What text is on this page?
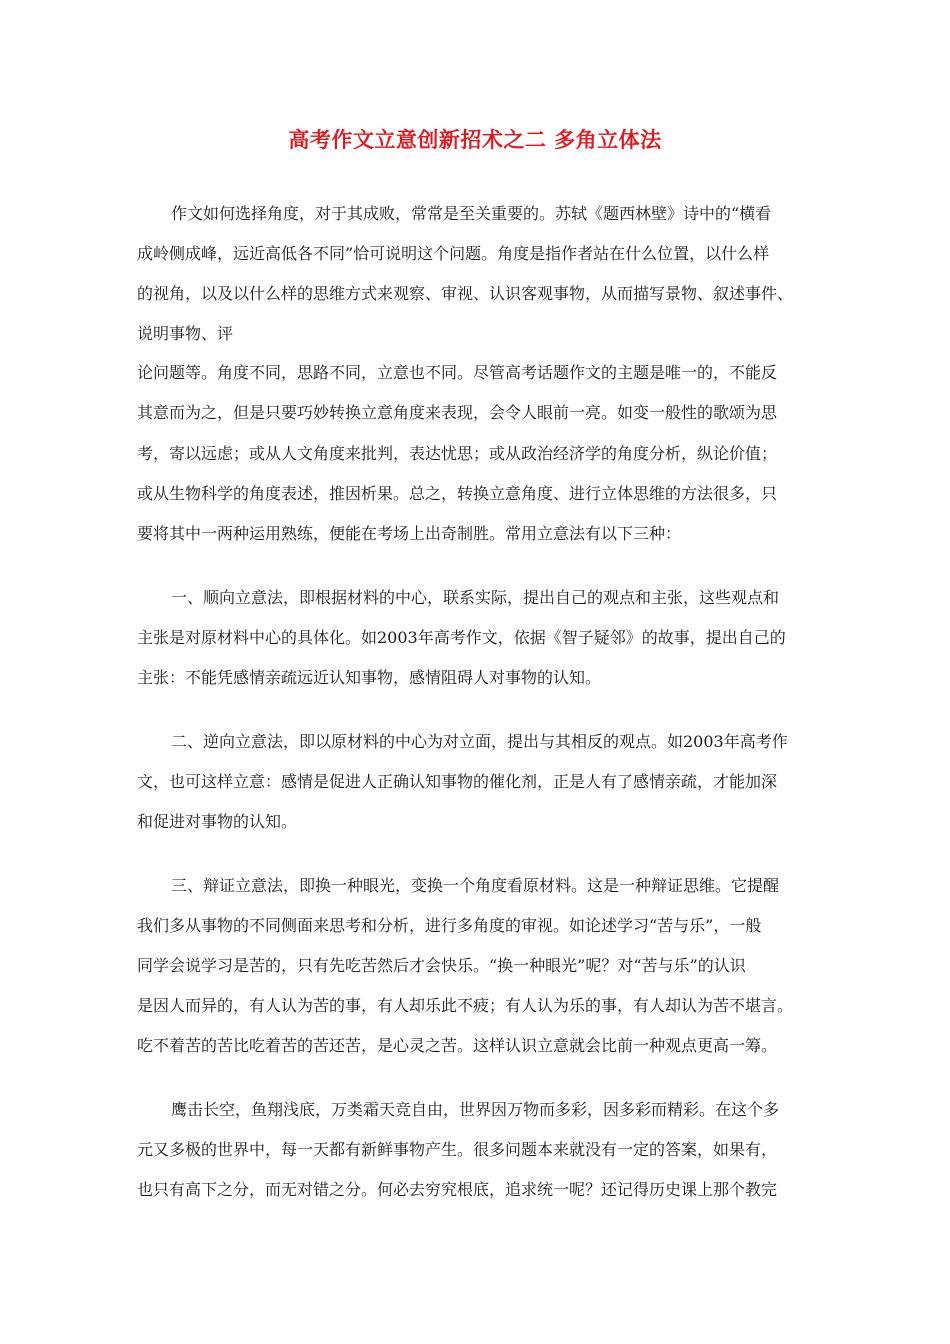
高考作文立意创新招术之二 多角立体法
作文如何选择角度，对于其成败，常常是至关重要的。苏轼《题西林壁》诗中的“横看
成岭侧成峰，远近高低各不同”恰可说明这个问题。角度是指作者站在什么位置，以什么样
的视角，以及以什么样的思维方式来观察、审视、认识客观事物，从而描写景物、叙述事件、
说明事物、评
论问题等。角度不同，思路不同，立意也不同。尽管高考话题作文的主题是唯一的，不能反
其意而为之，但是只要巧妙转换立意角度来表现，会令人眼前一亮。如变一般性的歌颂为思
考，寄以远虑；或从人文角度来批判，表达忧思；或从政治经济学的角度分析，纵论价值；
或从生物科学的角度表述，推因析果。总之，转换立意角度、进行立体思维的方法很多，只
要将其中一两种运用熟练，便能在考场上出奇制胜。常用立意法有以下三种：
一、顺向立意法，即根据材料的中心，联系实际，提出自己的观点和主张，这些观点和
主张是对原材料中心的具体化。如2003年高考作文，依据《智子疑邻》的故事，提出自己的
主张：不能凭感情亲疏远近认知事物，感情阻碍人对事物的认知。
二、逆向立意法，即以原材料的中心为对立面，提出与其相反的观点。如2003年高考作
文，也可这样立意：感情是促进人正确认知事物的催化剂，正是人有了感情亲疏，才能加深
和促进对事物的认知。
三、辩证立意法，即换一种眼光，变换一个角度看原材料。这是一种辩证思维。它提醒
我们多从事物的不同侧面来思考和分析，进行多角度的审视。如论述学习“苦与乐”，一般
同学会说学习是苦的，只有先吃苦然后才会快乐。“换一种眼光”呢？对“苦与乐”的认识
是因人而异的，有人认为苦的事，有人却乐此不疲；有人认为乐的事，有人却认为苦不堪言。
吃不着苦的苦比吃着苦的苦还苦，是心灵之苦。这样认识立意就会比前一种观点更高一筹。
鹰击长空，鱼翔浅底，万类霜天竞自由，世界因万物而多彩，因多彩而精彩。在这个多
元又多极的世界中，每一天都有新鲜事物产生。很多问题本来就没有一定的答案，如果有，
也只有高下之分，而无对错之分。何必去穷究根底，追求统一呢？还记得历史课上那个教完
